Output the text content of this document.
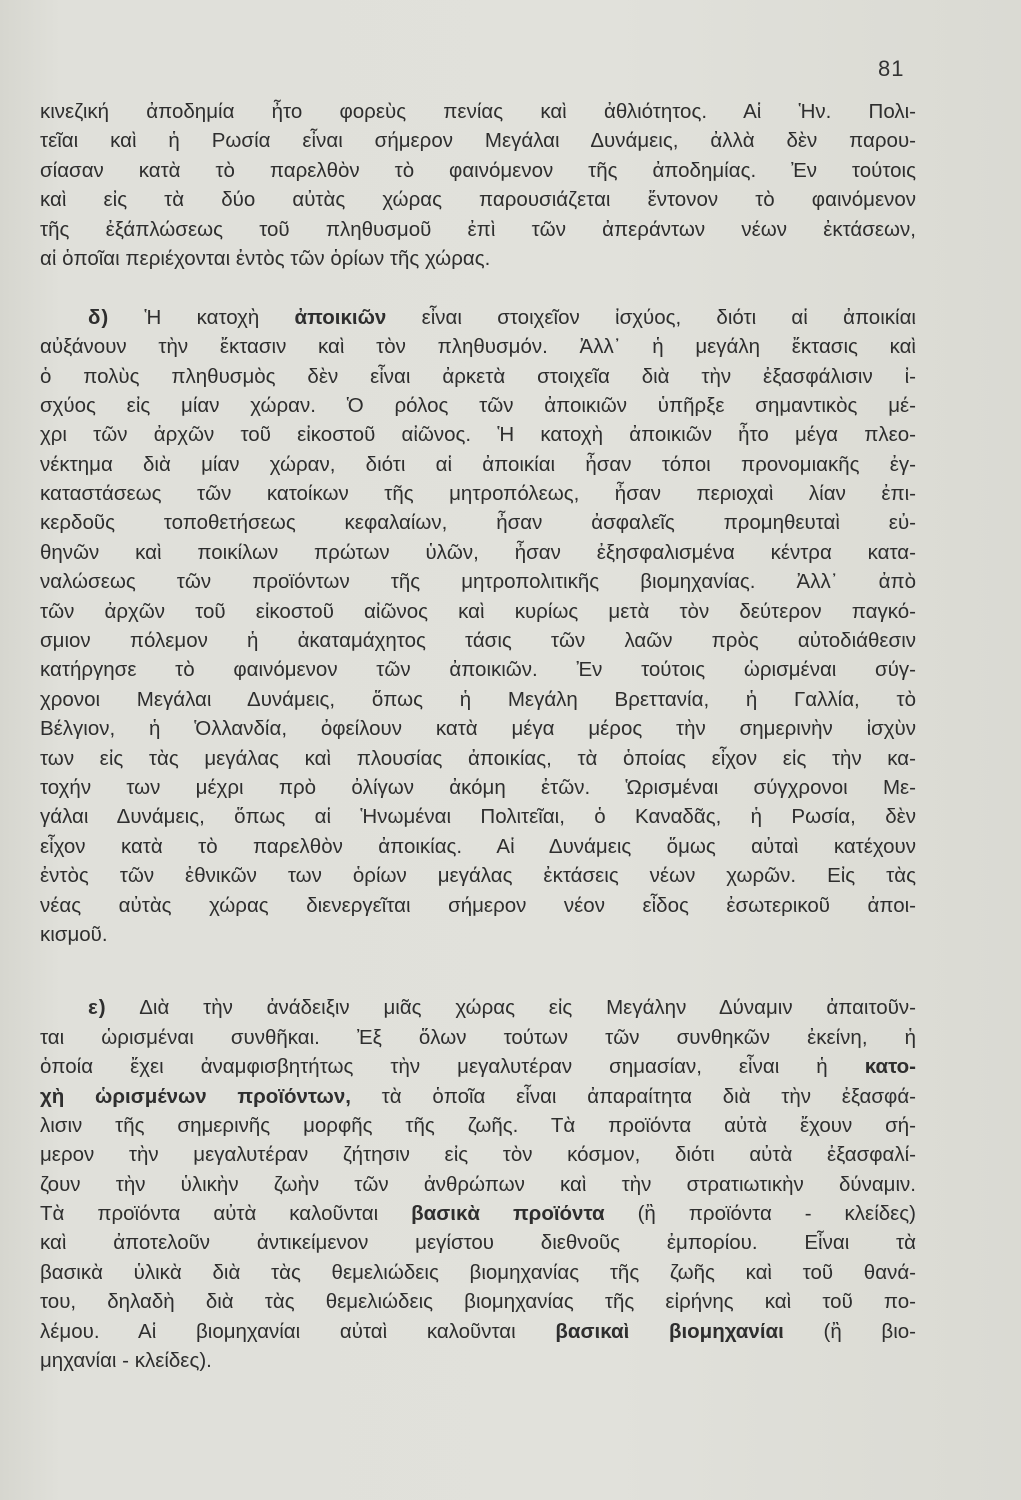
81
κινεζική ἀποδημία ἦτο φορεὺς πενίας καὶ ἀθλιότητος. Αἱ Ἡν. Πολι-
τεῖαι καὶ ἡ Ρωσία εἶναι σήμερον Μεγάλαι Δυνάμεις, ἀλλὰ δὲν παρου-
σίασαν κατὰ τὸ παρελθὸν τὸ φαινόμενον τῆς ἀποδημίας. Ἐν τούτοις
καὶ εἰς τὰ δύο αὐτὰς χώρας παρουσιάζεται ἔντονον τὸ φαινόμενον
τῆς ἐξάπλώσεως τοῦ πληθυσμοῦ ἐπὶ τῶν ἀπεράντων νέων ἐκτάσεων,
αἱ ὁποῖαι περιέχονται ἐντὸς τῶν ὁρίων τῆς χώρας.
δ) Ἡ κατοχὴ ἀποικιῶν εἶναι στοιχεῖον ἰσχύος, διότι αἱ ἀποικίαι
αὐξάνουν τὴν ἔκτασιν καὶ τὸν πληθυσμόν. Ἀλλ᾽ ἡ μεγάλη ἔκτασις καὶ
ὁ πολὺς πληθυσμὸς δὲν εἶναι ἀρκετὰ στοιχεῖα διὰ τὴν ἐξασφάλισιν ἰ-
σχύος εἰς μίαν χώραν. Ὁ ρόλος τῶν ἀποικιῶν ὑπῆρξε σημαντικὸς μέ-
χρι τῶν ἀρχῶν τοῦ εἰκοστοῦ αἰῶνος. Ἡ κατοχὴ ἀποικιῶν ἦτο μέγα πλεο-
νέκτημα διὰ μίαν χώραν, διότι αἱ ἀποικίαι ἦσαν τόποι προνομιακῆς ἐγ-
καταστάσεως τῶν κατοίκων τῆς μητροπόλεως, ἦσαν περιοχαὶ λίαν ἐπι-
κερδοῦς τοποθετήσεως κεφαλαίων, ἦσαν ἀσφαλεῖς προμηθευταὶ εὐ-
θηνῶν καὶ ποικίλων πρώτων ὑλῶν, ἦσαν ἐξησφαλισμένα κέντρα κατα-
ναλώσεως τῶν προϊόντων τῆς μητροπολιτικῆς βιομηχανίας. Ἀλλ᾽ ἀπὸ
τῶν ἀρχῶν τοῦ εἰκοστοῦ αἰῶνος καὶ κυρίως μετὰ τὸν δεύτερον παγκό-
σμιον πόλεμον ἡ ἀκαταμάχητος τάσις τῶν λαῶν πρὸς αὐτοδιάθεσιν
κατήργησε τὸ φαινόμενον τῶν ἀποικιῶν. Ἐν τούτοις ὡρισμέναι σύγ-
χρονοι Μεγάλαι Δυνάμεις, ὅπως ἡ Μεγάλη Βρεττανία, ἡ Γαλλία, τὸ
Βέλγιον, ἡ Ὁλλανδία, ὀφείλουν κατὰ μέγα μέρος τὴν σημερινὴν ἰσχὺν
των εἰς τὰς μεγάλας καὶ πλουσίας ἀποικίας, τὰ ὁποίας εἶχον εἰς τὴν κα-
τοχήν των μέχρι πρὸ ὀλίγων ἀκόμη ἐτῶν. Ὡρισμέναι σύγχρονοι Με-
γάλαι Δυνάμεις, ὅπως αἱ Ἡνωμέναι Πολιτεῖαι, ὁ Καναδᾶς, ἡ Ρωσία, δὲν
εἶχον κατὰ τὸ παρελθὸν ἀποικίας. Αἱ Δυνάμεις ὅμως αὐταὶ κατέχουν
ἐντὸς τῶν ἐθνικῶν των ὁρίων μεγάλας ἐκτάσεις νέων χωρῶν. Εἰς τὰς
νέας αὐτὰς χώρας διενεργεῖται σήμερον νέον εἶδος ἐσωτερικοῦ ἀποι-
κισμοῦ.
ε) Διὰ τὴν ἀνάδειξιν μιᾶς χώρας εἰς Μεγάλην Δύναμιν ἀπαιτοῦν-
ται ὡρισμέναι συνθῆκαι. Ἐξ ὅλων τούτων τῶν συνθηκῶν ἐκείνη, ἡ
ὁποία ἔχει ἀναμφισβητήτως τὴν μεγαλυτέραν σημασίαν, εἶναι ἡ κατο-
χὴ ὡρισμένων προϊόντων, τὰ ὁποῖα εἶναι ἀπαραίτητα διὰ τὴν ἐξασφά-
λισιν τῆς σημερινῆς μορφῆς τῆς ζωῆς. Τὰ προϊόντα αὐτὰ ἔχουν σή-
μερον τὴν μεγαλυτέραν ζήτησιν εἰς τὸν κόσμον, διότι αὐτὰ ἐξασφαλί-
ζουν τὴν ὑλικὴν ζωὴν τῶν ἀνθρώπων καὶ τὴν στρατιωτικὴν δύναμιν.
Τὰ προϊόντα αὐτὰ καλοῦνται βασικὰ προϊόντα (ἢ προϊόντα - κλείδες)
καὶ ἀποτελοῦν ἀντικείμενον μεγίστου διεθνοῦς ἐμπορίου. Εἶναι τὰ
βασικὰ ὑλικὰ διὰ τὰς θεμελιώδεις βιομηχανίας τῆς ζωῆς καὶ τοῦ θανά-
του, δηλαδὴ διὰ τὰς θεμελιώδεις βιομηχανίας τῆς εἰρήνης καὶ τοῦ πο-
λέμου. Αἱ βιομηχανίαι αὐταὶ καλοῦνται βασικαὶ βιομηχανίαι (ἢ βιο-
μηχανίαι - κλείδες).
